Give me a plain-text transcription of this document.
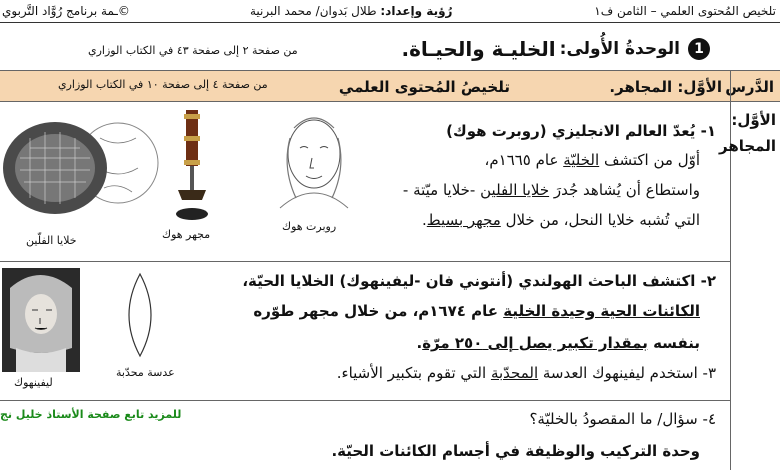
ـمة برنامج رُوَّاد التَّربوي©	رُؤية وإعداد: طلال بَدوان/ محمد البرنية	تلخيص المُحتوى العلمي – الثامن ف١
1
الوحدةُ الأُولى:
الخليـة والحيـاة.
من صفحة ٢ إلى صفحة ٤٣ في الكتاب الوزاري
الدَّرس
الأوَّل: المجاهر.
تلخيصُ المُحتوى العلمي
من صفحة ٤ إلى صفحة ١٠ في الكتاب الوزاري
الأوَّل:
المجاهر
١- يُعدّ العالم الانجليزي (روبرت هوك)
أوّل من اكتشف الخليّة عام ١٦٦٥م،
واستطاع أن يُشاهد جُدرَ خلايا الفلين -خلايا ميّتة -
التي تُشبه خلايا النحل، من خلال مجهر بسيط.
روبرت هوك
مجهر هوك
خلايا الفلّين
٢- اكتشف الباحث الهولندي (أنتوني فان -ليفينهوك) الخلايا الحيّة،
الكائنات الحية وحيدة الخلية عام ١٦٧٤م، من خلال مجهر طوّره
بنفسه بمقدار تكبير يصل إلى ٢٥٠ مرّة.
٣- استخدم ليفينهوك العدسة المحدّبة التي تقوم بتكبير الأشياء.
عدسة محدّبة
ليفينهوك
للمزيد تابع صفحة الأستاذ خليل نج	٤- سؤال/ ما المقصودُ بالخليّة؟
وحدة التركيب والوظيفة في أجسام الكائنات الحيّة.
